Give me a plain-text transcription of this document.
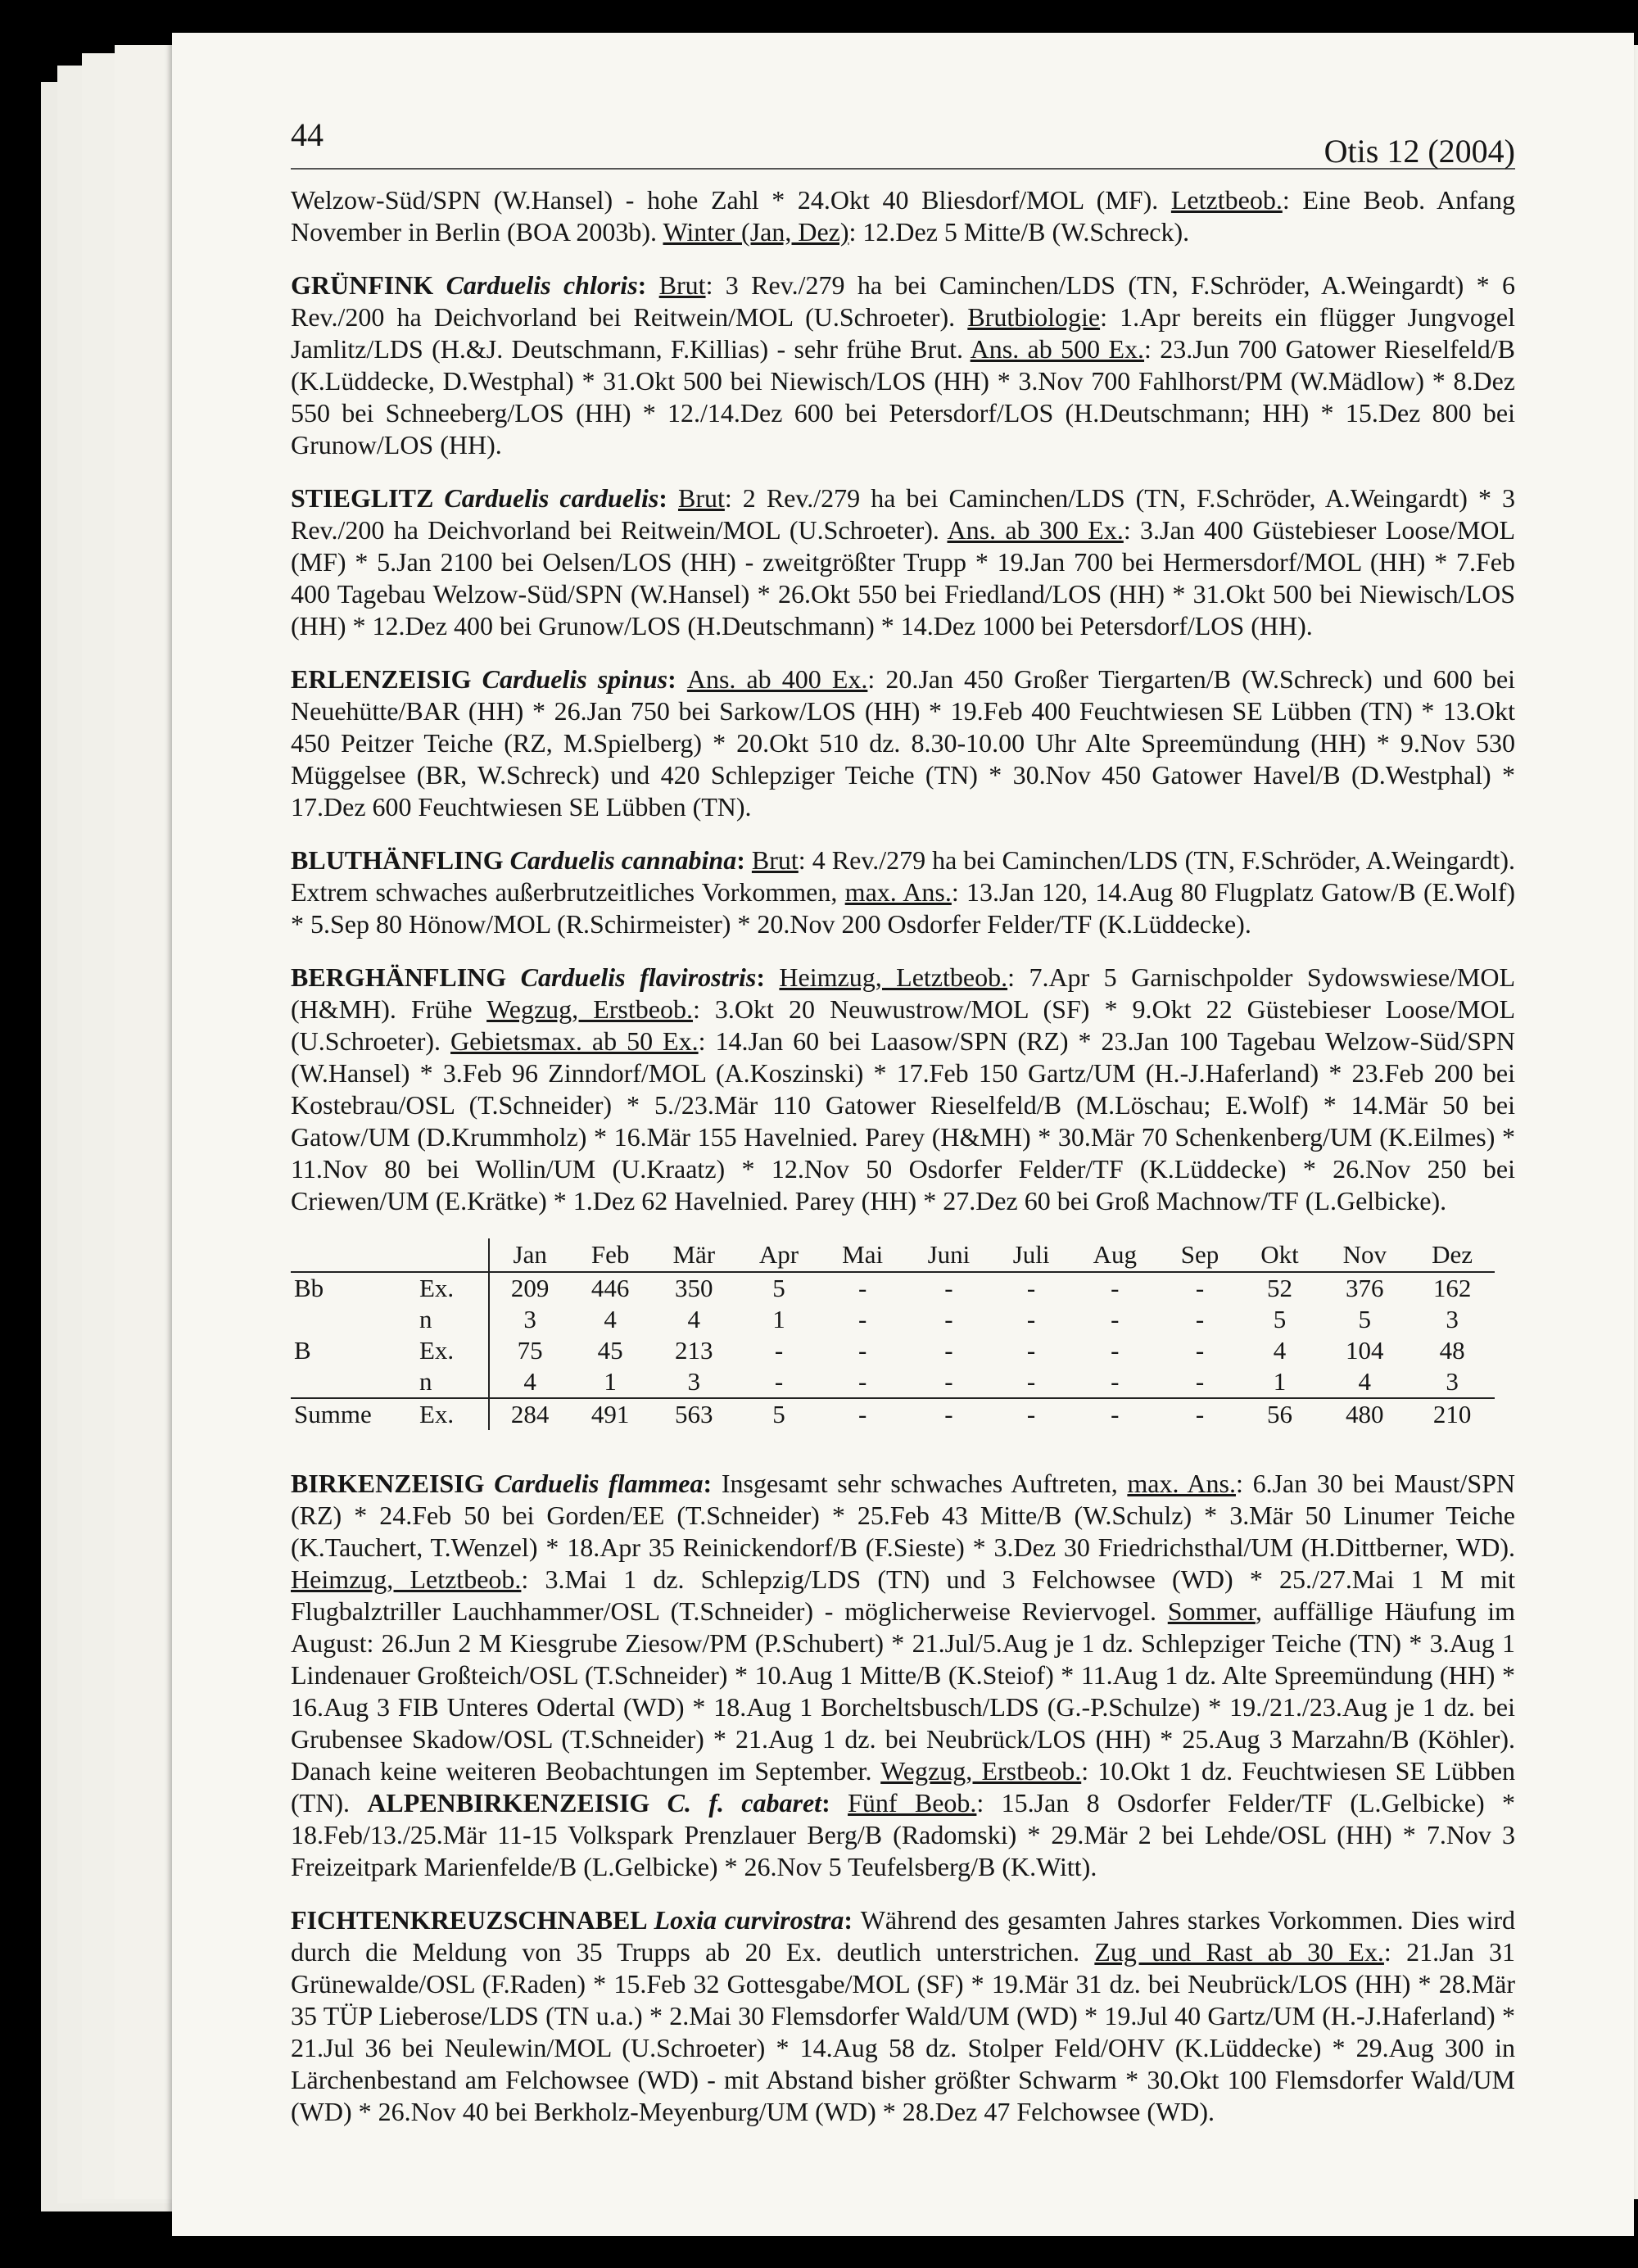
44	Otis 12 (2004)

Welzow-Süd/SPN (W.Hansel) - hohe Zahl * 24.Okt 40 Bliesdorf/MOL (MF). Letztbeob.: Eine Beob. Anfang November in Berlin (BOA 2003b). Winter (Jan, Dez): 12.Dez 5 Mitte/B (W.Schreck).

GRÜNFINK Carduelis chloris: Brut: 3 Rev./279 ha bei Caminchen/LDS (TN, F.Schröder, A.Weingardt) * 6 Rev./200 ha Deichvorland bei Reitwein/MOL (U.Schroeter). Brutbiologie: 1.Apr bereits ein flügger Jungvogel Jamlitz/LDS (H.&J. Deutschmann, F.Killias) - sehr frühe Brut. Ans. ab 500 Ex.: 23.Jun 700 Gatower Rieselfeld/B (K.Lüddecke, D.Westphal) * 31.Okt 500 bei Niewisch/LOS (HH) * 3.Nov 700 Fahlhorst/PM (W.Mädlow) * 8.Dez 550 bei Schneeberg/LOS (HH) * 12./14.Dez 600 bei Petersdorf/LOS (H.Deutschmann; HH) * 15.Dez 800 bei Grunow/LOS (HH).

STIEGLITZ Carduelis carduelis: Brut: 2 Rev./279 ha bei Caminchen/LDS (TN, F.Schröder, A.Weingardt) * 3 Rev./200 ha Deichvorland bei Reitwein/MOL (U.Schroeter). Ans. ab 300 Ex.: 3.Jan 400 Güstebieser Loose/MOL (MF) * 5.Jan 2100 bei Oelsen/LOS (HH) - zweitgrößter Trupp * 19.Jan 700 bei Hermersdorf/MOL (HH) * 7.Feb 400 Tagebau Welzow-Süd/SPN (W.Hansel) * 26.Okt 550 bei Friedland/LOS (HH) * 31.Okt 500 bei Niewisch/LOS (HH) * 12.Dez 400 bei Grunow/LOS (H.Deutschmann) * 14.Dez 1000 bei Petersdorf/LOS (HH).

ERLENZEISIG Carduelis spinus: Ans. ab 400 Ex.: 20.Jan 450 Großer Tiergarten/B (W.Schreck) und 600 bei Neuehütte/BAR (HH) * 26.Jan 750 bei Sarkow/LOS (HH) * 19.Feb 400 Feuchtwiesen SE Lübben (TN) * 13.Okt 450 Peitzer Teiche (RZ, M.Spielberg) * 20.Okt 510 dz. 8.30-10.00 Uhr Alte Spreemündung (HH) * 9.Nov 530 Müggelsee (BR, W.Schreck) und 420 Schlepziger Teiche (TN) * 30.Nov 450 Gatower Havel/B (D.Westphal) * 17.Dez 600 Feuchtwiesen SE Lübben (TN).

BLUTHÄNFLING Carduelis cannabina: Brut: 4 Rev./279 ha bei Caminchen/LDS (TN, F.Schröder, A.Weingardt). Extrem schwaches außerbrutzeitliches Vorkommen, max. Ans.: 13.Jan 120, 14.Aug 80 Flugplatz Gatow/B (E.Wolf) * 5.Sep 80 Hönow/MOL (R.Schirmeister) * 20.Nov 200 Osdorfer Felder/TF (K.Lüddecke).

BERGHÄNFLING Carduelis flavirostris: Heimzug, Letztbeob.: 7.Apr 5 Garnischpolder Sydowswiese/MOL (H&MH). Frühe Wegzug, Erstbeob.: 3.Okt 20 Neuwustrow/MOL (SF) * 9.Okt 22 Güstebieser Loose/MOL (U.Schroeter). Gebietsmax. ab 50 Ex.: 14.Jan 60 bei Laasow/SPN (RZ) * 23.Jan 100 Tagebau Welzow-Süd/SPN (W.Hansel) * 3.Feb 96 Zinndorf/MOL (A.Koszinski) * 17.Feb 150 Gartz/UM (H.-J.Haferland) * 23.Feb 200 bei Kostebrau/OSL (T.Schneider) * 5./23.Mär 110 Gatower Rieselfeld/B (M.Löschau; E.Wolf) * 14.Mär 50 bei Gatow/UM (D.Krummholz) * 16.Mär 155 Havelnied. Parey (H&MH) * 30.Mär 70 Schenkenberg/UM (K.Eilmes) * 11.Nov 80 bei Wollin/UM (U.Kraatz) * 12.Nov 50 Osdorfer Felder/TF (K.Lüddecke) * 26.Nov 250 bei Criewen/UM (E.Krätke) * 1.Dez 62 Havelnied. Parey (HH) * 27.Dez 60 bei Groß Machnow/TF (L.Gelbicke).

		Jan	Feb	Mär	Apr	Mai	Juni	Juli	Aug	Sep	Okt	Nov	Dez
Bb	Ex.	209	446	350	5	-	-	-	-	-	52	376	162
	n	3	4	4	1	-	-	-	-	-	5	5	3
B	Ex.	75	45	213	-	-	-	-	-	-	4	104	48
	n	4	1	3	-	-	-	-	-	-	1	4	3
Summe	Ex.	284	491	563	5	-	-	-	-	-	56	480	210

BIRKENZEISIG Carduelis flammea: Insgesamt sehr schwaches Auftreten, max. Ans.: 6.Jan 30 bei Maust/SPN (RZ) * 24.Feb 50 bei Gorden/EE (T.Schneider) * 25.Feb 43 Mitte/B (W.Schulz) * 3.Mär 50 Linumer Teiche (K.Tauchert, T.Wenzel) * 18.Apr 35 Reinickendorf/B (F.Sieste) * 3.Dez 30 Friedrichsthal/UM (H.Dittberner, WD). Heimzug, Letztbeob.: 3.Mai 1 dz. Schlepzig/LDS (TN) und 3 Felchowsee (WD) * 25./27.Mai 1 M mit Flugbalztriller Lauchhammer/OSL (T.Schneider) - möglicherweise Reviervogel. Sommer, auffällige Häufung im August: 26.Jun 2 M Kiesgrube Ziesow/PM (P.Schubert) * 21.Jul/5.Aug je 1 dz. Schlepziger Teiche (TN) * 3.Aug 1 Lindenauer Großteich/OSL (T.Schneider) * 10.Aug 1 Mitte/B (K.Steiof) * 11.Aug 1 dz. Alte Spreemündung (HH) * 16.Aug 3 FIB Unteres Odertal (WD) * 18.Aug 1 Borcheltsbusch/LDS (G.-P.Schulze) * 19./21./23.Aug je 1 dz. bei Grubensee Skadow/OSL (T.Schneider) * 21.Aug 1 dz. bei Neubrück/LOS (HH) * 25.Aug 3 Marzahn/B (Köhler). Danach keine weiteren Beobachtungen im September. Wegzug, Erstbeob.: 10.Okt 1 dz. Feuchtwiesen SE Lübben (TN). ALPENBIRKENZEISIG C. f. cabaret: Fünf Beob.: 15.Jan 8 Osdorfer Felder/TF (L.Gelbicke) * 18.Feb/13./25.Mär 11-15 Volkspark Prenzlauer Berg/B (Radomski) * 29.Mär 2 bei Lehde/OSL (HH) * 7.Nov 3 Freizeitpark Marienfelde/B (L.Gelbicke) * 26.Nov 5 Teufelsberg/B (K.Witt).

FICHTENKREUZSCHNABEL Loxia curvirostra: Während des gesamten Jahres starkes Vorkommen. Dies wird durch die Meldung von 35 Trupps ab 20 Ex. deutlich unterstrichen. Zug und Rast ab 30 Ex.: 21.Jan 31 Grünewalde/OSL (F.Raden) * 15.Feb 32 Gottesgabe/MOL (SF) * 19.Mär 31 dz. bei Neubrück/LOS (HH) * 28.Mär 35 TÜP Lieberose/LDS (TN u.a.) * 2.Mai 30 Flemsdorfer Wald/UM (WD) * 19.Jul 40 Gartz/UM (H.-J.Haferland) * 21.Jul 36 bei Neulewin/MOL (U.Schroeter) * 14.Aug 58 dz. Stolper Feld/OHV (K.Lüddecke) * 29.Aug 300 in Lärchenbestand am Felchowsee (WD) - mit Abstand bisher größter Schwarm * 30.Okt 100 Flemsdorfer Wald/UM (WD) * 26.Nov 40 bei Berkholz-Meyenburg/UM (WD) * 28.Dez 47 Felchowsee (WD).
